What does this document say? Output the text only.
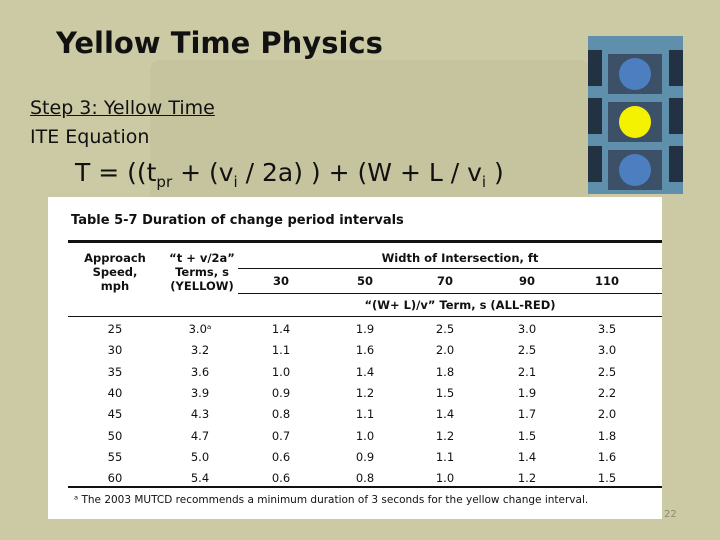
Yellow Time Physics
Step 3: Yellow Time
ITE Equation
$T = ((t_{pr} + (v_i / 2a)$ ) + ($W + L / v_i$ )
Table 5-7 Duration of change period intervals
Approach
Speed,
mph
“t + v/2a”
Terms, s
(YELLOW)
Width of Intersection, ft
30	50	70	90	110
“(W+ L)/v” Term, s (ALL-RED)
25	3.0ᵃ	1.4	1.9	2.5	3.0	3.5
30	3.2	1.1	1.6	2.0	2.5	3.0
35	3.6	1.0	1.4	1.8	2.1	2.5
40	3.9	0.9	1.2	1.5	1.9	2.2
45	4.3	0.8	1.1	1.4	1.7	2.0
50	4.7	0.7	1.0	1.2	1.5	1.8
55	5.0	0.6	0.9	1.1	1.4	1.6
60	5.4	0.6	0.8	1.0	1.2	1.5
ᵃ The 2003 MUTCD recommends a minimum duration of 3 seconds for the yellow change interval.
22
